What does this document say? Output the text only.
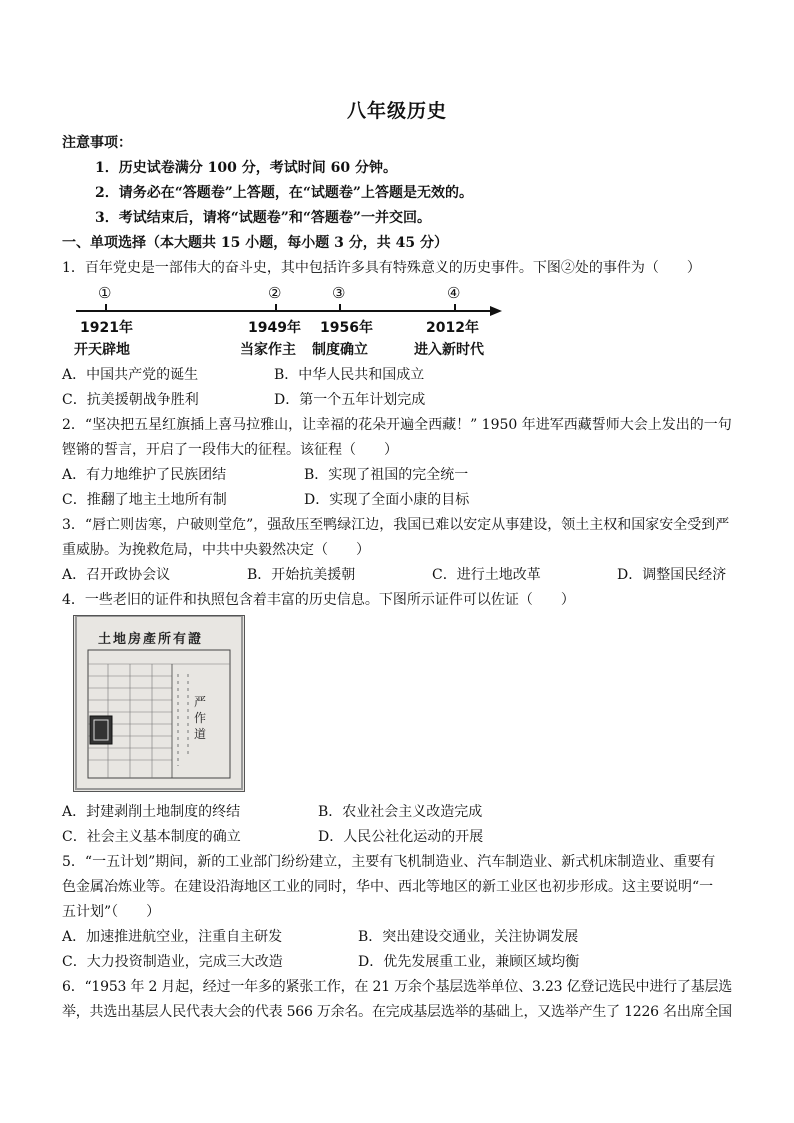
八年级历史
注意事项：
1．历史试卷满分 100 分，考试时间 60 分钟。
2．请务必在“答题卷”上答题，在“试题卷”上答题是无效的。
3．考试结束后，请将“试题卷”和“答题卷”一并交回。
一、单项选择（本大题共 15 小题，每小题 3 分，共 45 分）
1．百年党史是一部伟大的奋斗史，其中包括许多具有特殊意义的历史事件。下图②处的事件为（　　）
①	②	③	④
1921年	1949年 1956年	2012年
开天辟地	当家作主 制度确立	进入新时代
A．中国共产党的诞生	B．中华人民共和国成立
C．抗美援朝战争胜利	D．第一个五年计划完成
2．“坚决把五星红旗插上喜马拉雅山，让幸福的花朵开遍全西藏！” 1950 年进军西藏誓师大会上发出的一句
铿锵的誓言，开启了一段伟大的征程。该征程（　　）
A．有力地维护了民族团结	B．实现了祖国的完全统一
C．推翻了地主土地所有制	D．实现了全面小康的目标
3．“唇亡则齿寒，户破则堂危”，强敌压至鸭绿江边，我国已难以安定从事建设，领土主权和国家安全受到严
重威胁。为挽救危局，中共中央毅然决定（　　）
A．召开政协会议	B．开始抗美援朝	C．进行土地改革	D．调整国民经济
4．一些老旧的证件和执照包含着丰富的历史信息。下图所示证件可以佐证（　　）
土地房產所有證
严作道
A．封建剥削土地制度的终结	B．农业社会主义改造完成
C．社会主义基本制度的确立	D．人民公社化运动的开展
5．“一五计划”期间，新的工业部门纷纷建立，主要有飞机制造业、汽车制造业、新式机床制造业、重要有
色金属冶炼业等。在建设沿海地区工业的同时，华中、西北等地区的新工业区也初步形成。这主要说明“一
五计划”（　　）
A．加速推进航空业，注重自主研发	B．突出建设交通业，关注协调发展
C．大力投资制造业，完成三大改造	D．优先发展重工业，兼顾区域均衡
6．“1953 年 2 月起，经过一年多的紧张工作，在 21 万余个基层选举单位、3.23 亿登记选民中进行了基层选
举，共选出基层人民代表大会的代表 566 万余名。在完成基层选举的基础上，又选举产生了 1226 名出席全国
